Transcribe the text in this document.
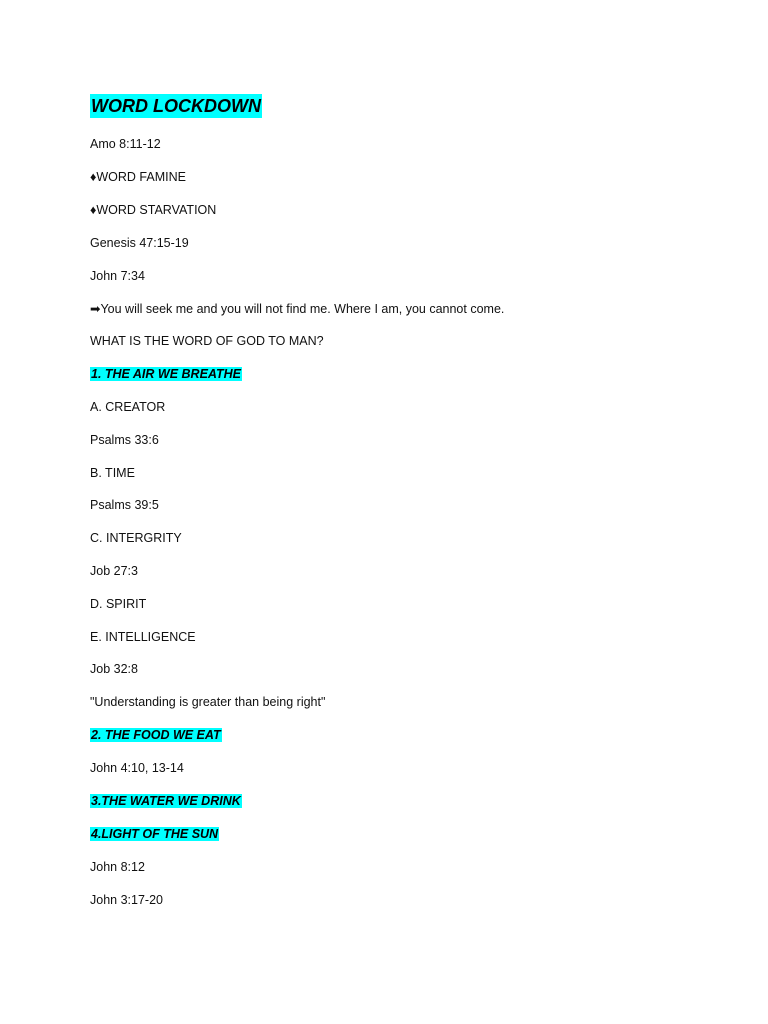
WORD LOCKDOWN

Amo 8:11-12

♦WORD FAMINE

♦WORD STARVATION

Genesis 47:15-19

John 7:34

➡You will seek me and you will not find me. Where I am, you cannot come.

WHAT IS THE WORD OF GOD TO MAN?

1. THE AIR WE BREATHE

A. CREATOR

Psalms 33:6

B. TIME

Psalms 39:5

C. INTERGRITY

Job 27:3

D. SPIRIT

E. INTELLIGENCE

Job 32:8

"Understanding is greater than being right"

2. THE FOOD WE EAT

John 4:10, 13-14

3.THE WATER WE DRINK

4.LIGHT OF THE SUN

John 8:12

John 3:17-20
